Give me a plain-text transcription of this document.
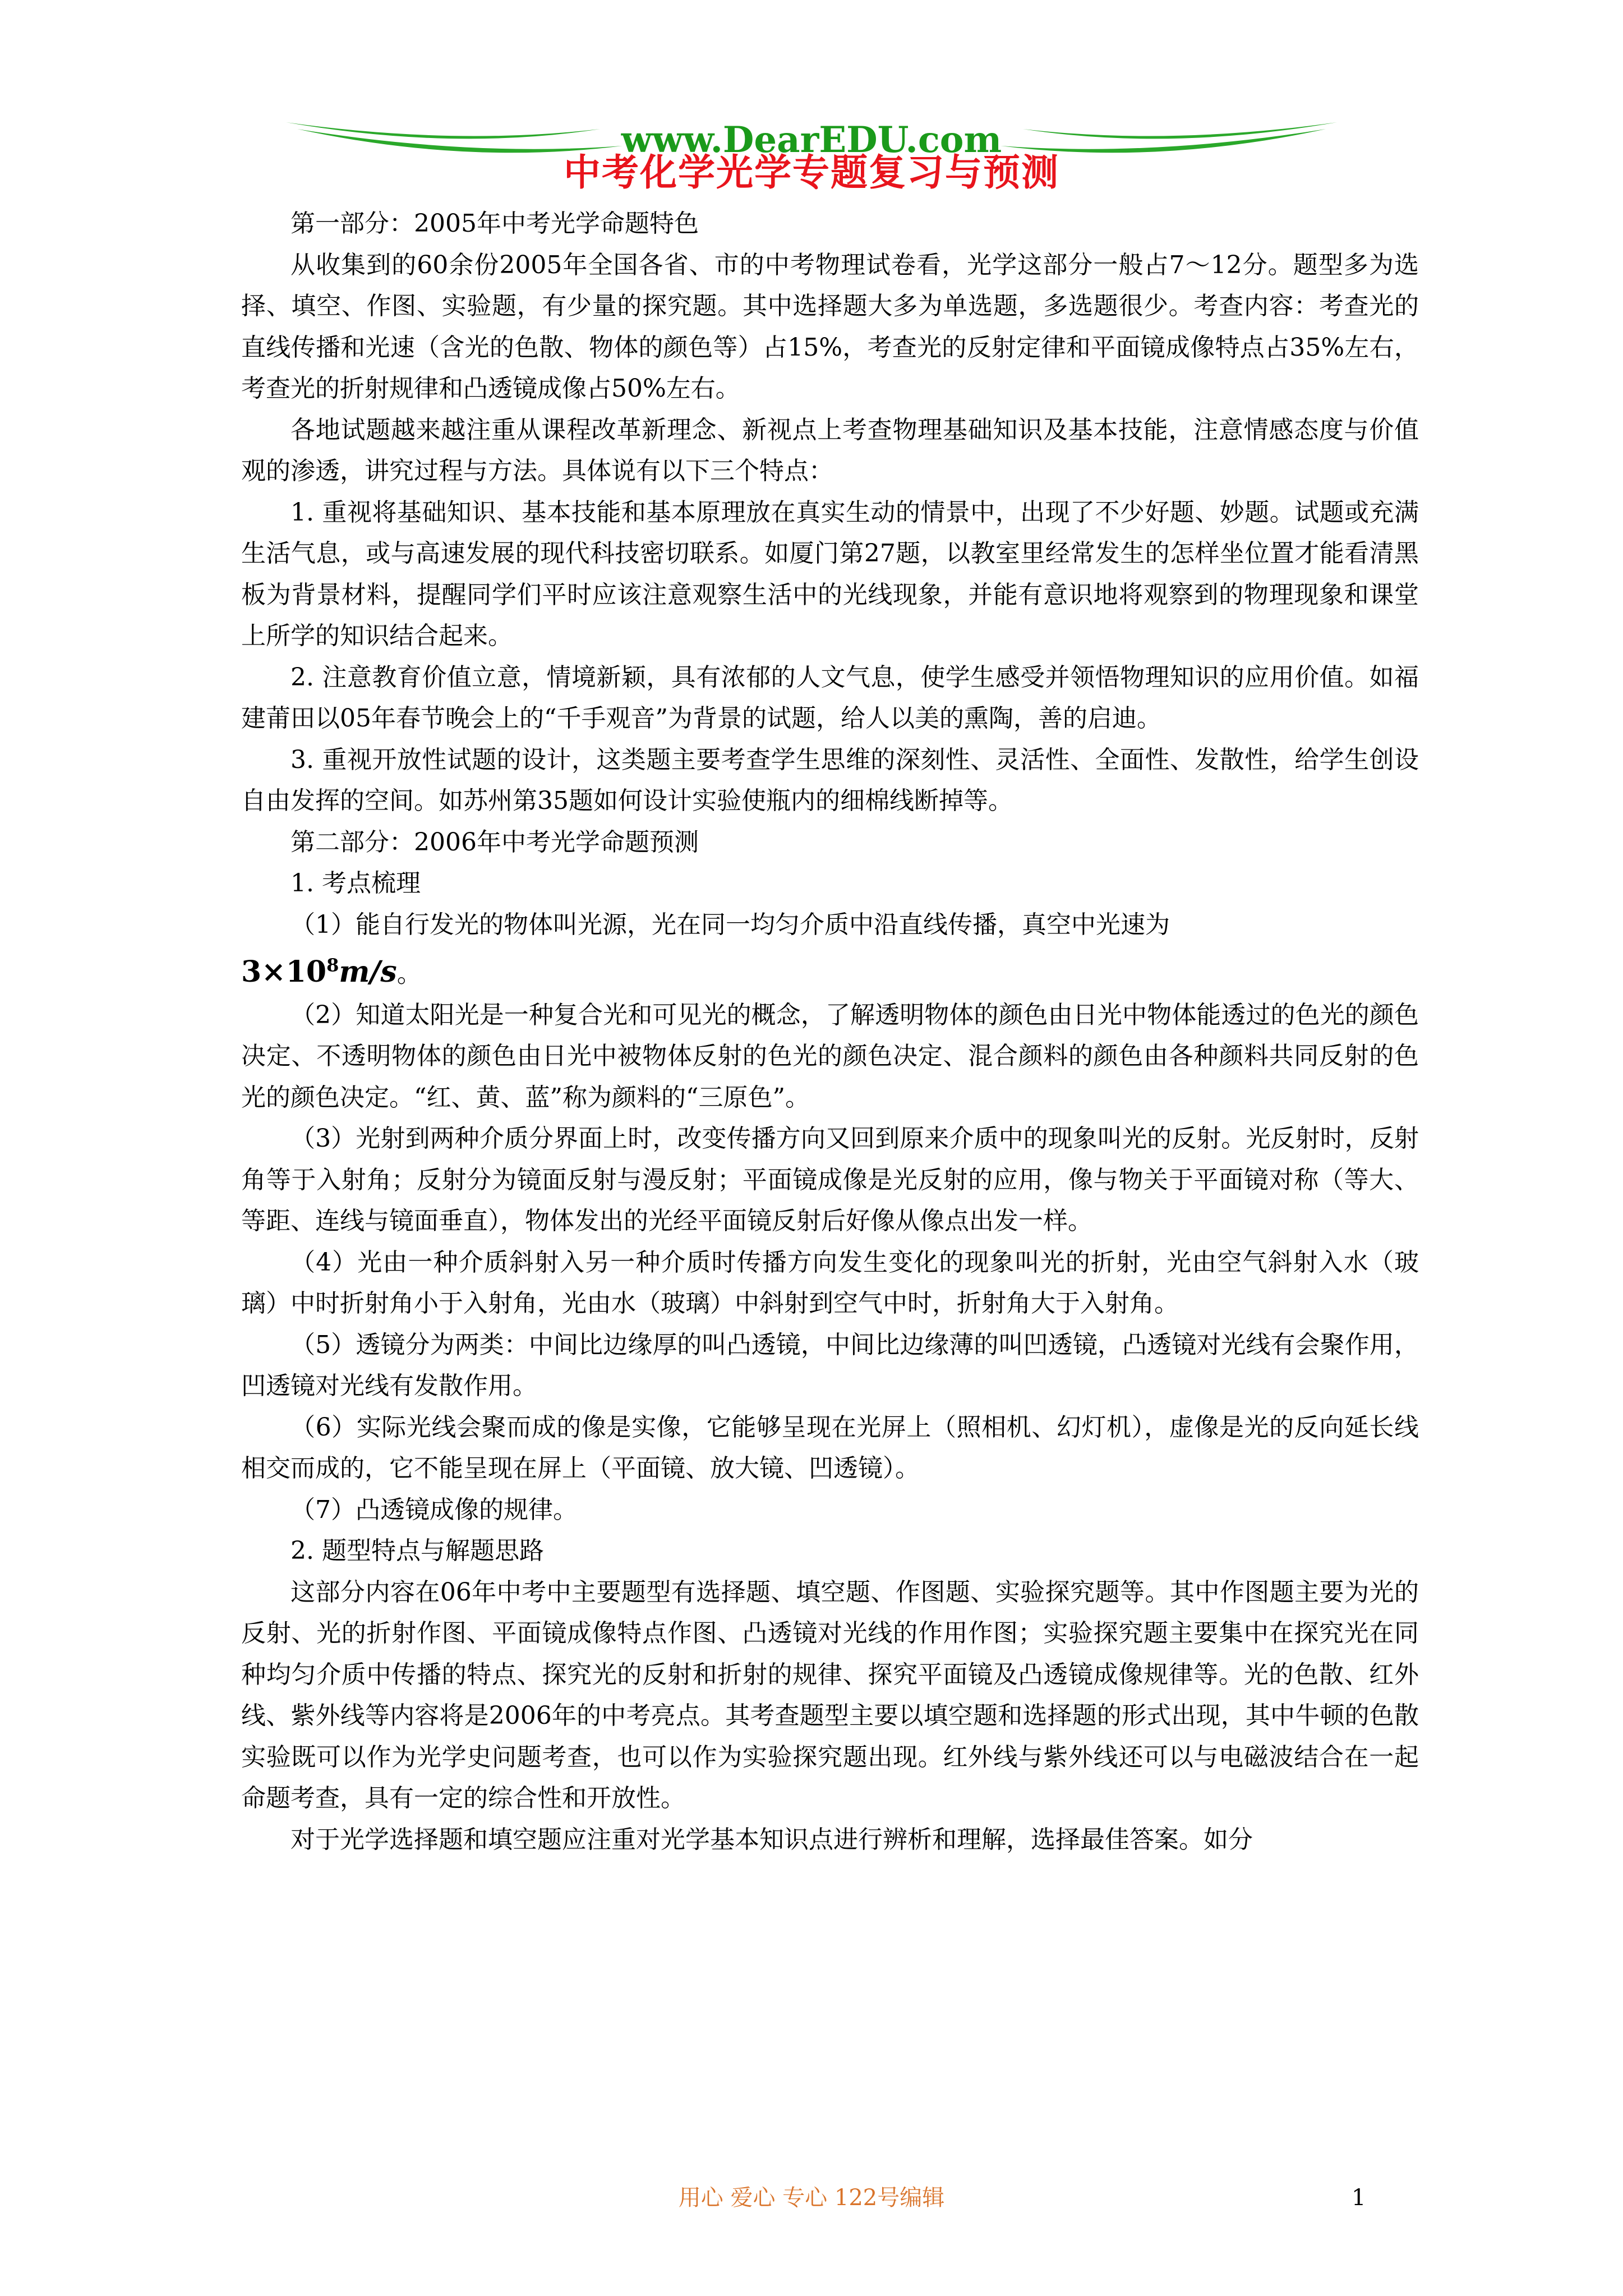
www.DearEDU.com
中考化学光学专题复习与预测

第一部分：2005年中考光学命题特色

从收集到的60余份2005年全国各省、市的中考物理试卷看，光学这部分一般占7～12分。题型多为选择、填空、作图、实验题，有少量的探究题。其中选择题大多为单选题，多选题很少。考查内容：考查光的直线传播和光速（含光的色散、物体的颜色等）占15%，考查光的反射定律和平面镜成像特点占35%左右，考查光的折射规律和凸透镜成像占50%左右。

各地试题越来越注重从课程改革新理念、新视点上考查物理基础知识及基本技能，注意情感态度与价值观的渗透，讲究过程与方法。具体说有以下三个特点：

1. 重视将基础知识、基本技能和基本原理放在真实生动的情景中，出现了不少好题、妙题。试题或充满生活气息，或与高速发展的现代科技密切联系。如厦门第27题，以教室里经常发生的怎样坐位置才能看清黑板为背景材料，提醒同学们平时应该注意观察生活中的光线现象，并能有意识地将观察到的物理现象和课堂上所学的知识结合起来。

2. 注意教育价值立意，情境新颖，具有浓郁的人文气息，使学生感受并领悟物理知识的应用价值。如福建莆田以05年春节晚会上的“千手观音”为背景的试题，给人以美的熏陶，善的启迪。

3. 重视开放性试题的设计，这类题主要考查学生思维的深刻性、灵活性、全面性、发散性，给学生创设自由发挥的空间。如苏州第35题如何设计实验使瓶内的细棉线断掉等。

第二部分：2006年中考光学命题预测

1. 考点梳理

（1）能自行发光的物体叫光源，光在同一均匀介质中沿直线传播，真空中光速为

$3\times 10^8m/s$。

（2）知道太阳光是一种复合光和可见光的概念，了解透明物体的颜色由日光中物体能透过的色光的颜色决定、不透明物体的颜色由日光中被物体反射的色光的颜色决定、混合颜料的颜色由各种颜料共同反射的色光的颜色决定。“红、黄、蓝”称为颜料的“三原色”。

（3）光射到两种介质分界面上时，改变传播方向又回到原来介质中的现象叫光的反射。光反射时，反射角等于入射角；反射分为镜面反射与漫反射；平面镜成像是光反射的应用，像与物关于平面镜对称（等大、等距、连线与镜面垂直），物体发出的光经平面镜反射后好像从像点出发一样。

（4）光由一种介质斜射入另一种介质时传播方向发生变化的现象叫光的折射，光由空气斜射入水（玻璃）中时折射角小于入射角，光由水（玻璃）中斜射到空气中时，折射角大于入射角。

（5）透镜分为两类：中间比边缘厚的叫凸透镜，中间比边缘薄的叫凹透镜，凸透镜对光线有会聚作用，凹透镜对光线有发散作用。

（6）实际光线会聚而成的像是实像，它能够呈现在光屏上（照相机、幻灯机），虚像是光的反向延长线相交而成的，它不能呈现在屏上（平面镜、放大镜、凹透镜）。

（7）凸透镜成像的规律。

2. 题型特点与解题思路

这部分内容在06年中考中主要题型有选择题、填空题、作图题、实验探究题等。其中作图题主要为光的反射、光的折射作图、平面镜成像特点作图、凸透镜对光线的作用作图；实验探究题主要集中在探究光在同种均匀介质中传播的特点、探究光的反射和折射的规律、探究平面镜及凸透镜成像规律等。光的色散、红外线、紫外线等内容将是2006年的中考亮点。其考查题型主要以填空题和选择题的形式出现，其中牛顿的色散实验既可以作为光学史问题考查，也可以作为实验探究题出现。红外线与紫外线还可以与电磁波结合在一起命题考查，具有一定的综合性和开放性。

对于光学选择题和填空题应注重对光学基本知识点进行辨析和理解，选择最佳答案。如分

用心 爱心 专心 122号编辑	1
